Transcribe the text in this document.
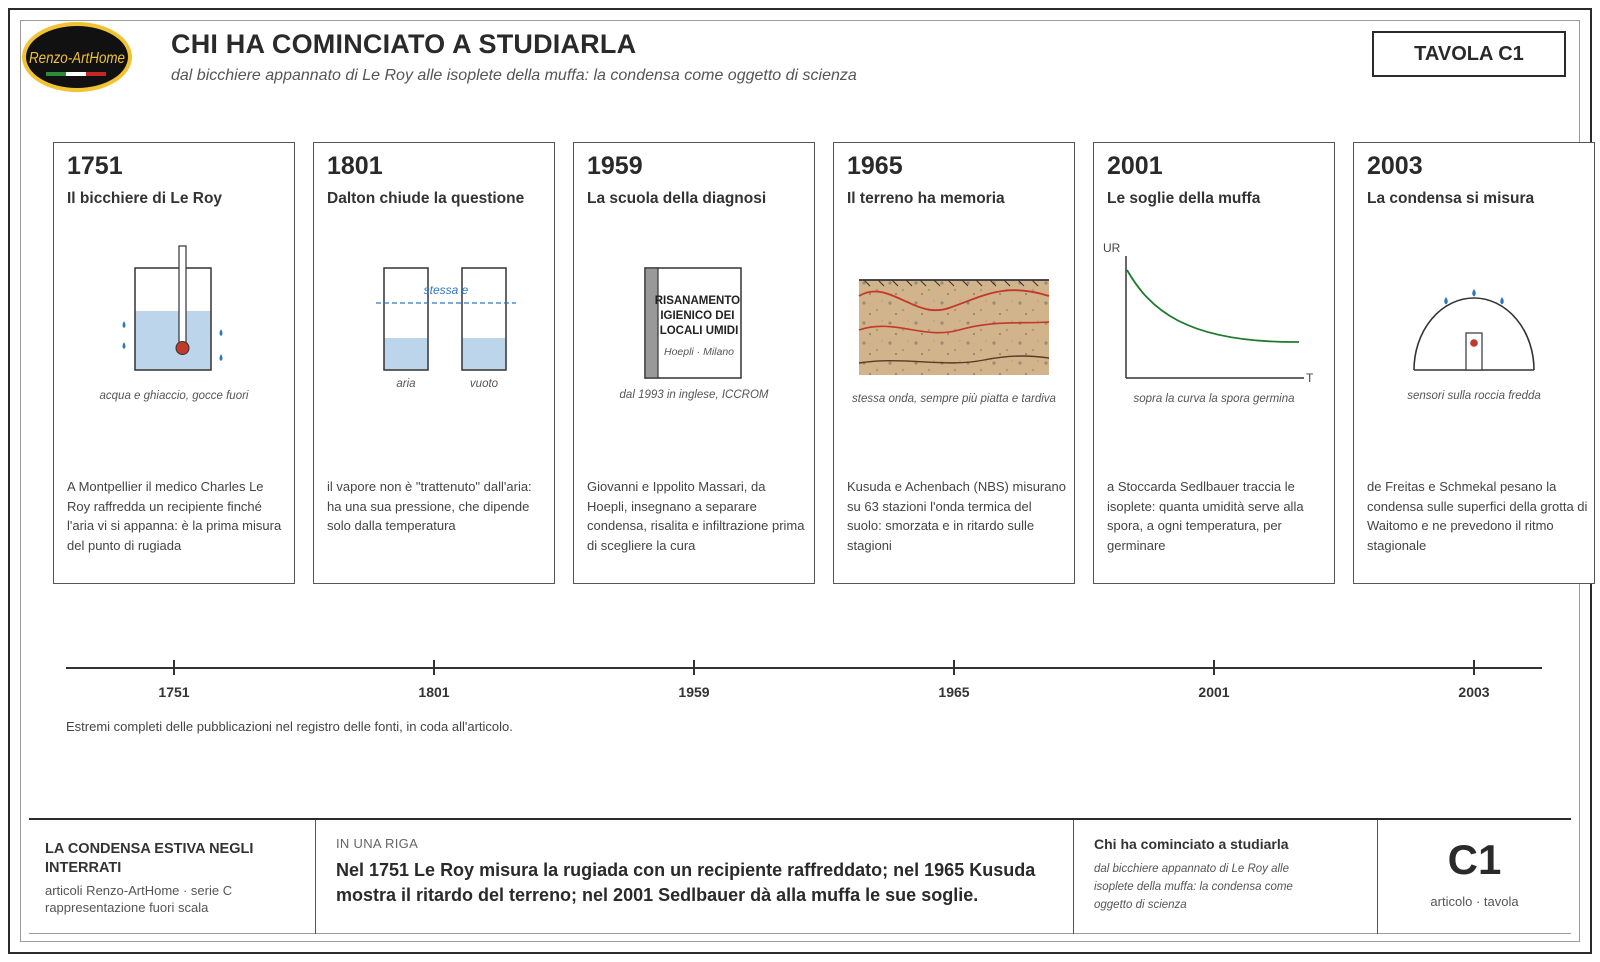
Renzo-ArtHome CHI HA COMINCIATO A STUDIARLA
dal bicchiere appannato di Le Roy alle isoplete della muffa: la condensa come oggetto di scienza
TAVOLA C1
1751
Il bicchiere di Le Roy
acqua e ghiaccio, gocce fuori
A Montpellier il medico Charles Le Roy raffredda un recipiente finché l'aria vi si appanna: è la prima misura del punto di rugiada
1801
Dalton chiude la questione
stessa e
aria	vuoto
il vapore non è "trattenuto" dall'aria: ha una sua pressione, che dipende solo dalla temperatura
1959
La scuola della diagnosi
RISANAMENTO IGIENICO DEI LOCALI UMIDI
Hoepli · Milano
dal 1993 in inglese, ICCROM
Giovanni e Ippolito Massari, da Hoepli, insegnano a separare condensa, risalita e infiltrazione prima di scegliere la cura
1965
Il terreno ha memoria
stessa onda, sempre più piatta e tardiva
Kusuda e Achenbach (NBS) misurano su 63 stazioni l'onda termica del suolo: smorzata e in ritardo sulle stagioni
2001
Le soglie della muffa
UR
T
sopra la curva la spora germina
a Stoccarda Sedlbauer traccia le isoplete: quanta umidità serve alla spora, a ogni temperatura, per germinare
2003
La condensa si misura
sensori sulla roccia fredda
de Freitas e Schmekal pesano la condensa sulle superfici della grotta di Waitomo e ne prevedono il ritmo stagionale
1751	1801	1959	1965	2001	2003
Estremi completi delle pubblicazioni nel registro delle fonti, in coda all'articolo.
LA CONDENSA ESTIVA NEGLI INTERRATI
articoli Renzo-ArtHome · serie C rappresentazione fuori scala
IN UNA RIGA
Nel 1751 Le Roy misura la rugiada con un recipiente raffreddato; nel 1965 Kusuda mostra il ritardo del terreno; nel 2001 Sedlbauer dà alla muffa le sue soglie.
Chi ha cominciato a studiarla
dal bicchiere appannato di Le Roy alle isoplete della muffa: la condensa come oggetto di scienza
C1
articolo · tavola
